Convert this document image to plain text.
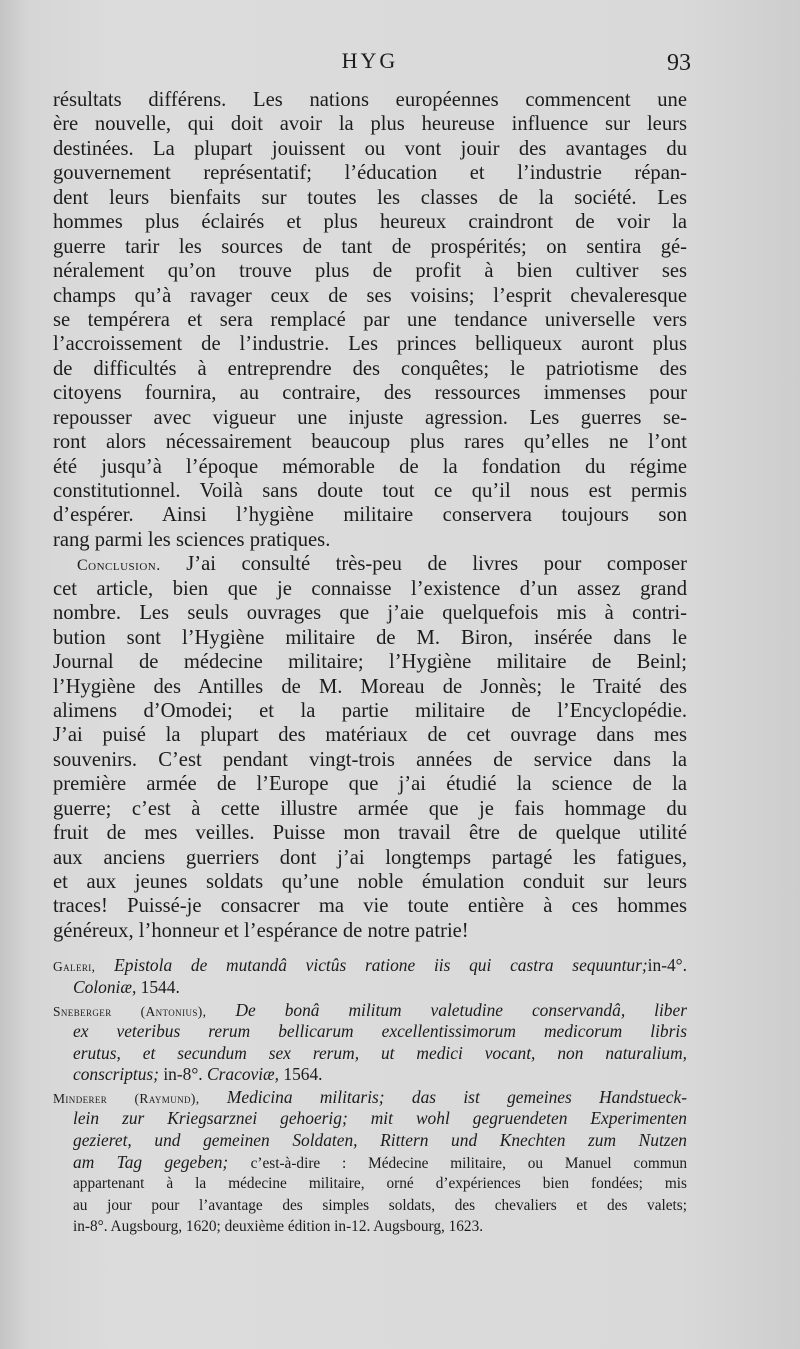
HYG	93
résultats différens. Les nations européennes commencent une
ère nouvelle, qui doit avoir la plus heureuse influence sur leurs
destinées. La plupart jouissent ou vont jouir des avantages du
gouvernement représentatif; l’éducation et l’industrie répan-
dent leurs bienfaits sur toutes les classes de la société. Les
hommes plus éclairés et plus heureux craindront de voir la
guerre tarir les sources de tant de prospérités; on sentira gé-
néralement qu’on trouve plus de profit à bien cultiver ses
champs qu’à ravager ceux de ses voisins; l’esprit chevaleresque
se tempérera et sera remplacé par une tendance universelle vers
l’accroissement de l’industrie. Les princes belliqueux auront plus
de difficultés à entreprendre des conquêtes; le patriotisme des
citoyens fournira, au contraire, des ressources immenses pour
repousser avec vigueur une injuste agression. Les guerres se-
ront alors nécessairement beaucoup plus rares qu’elles ne l’ont
été jusqu’à l’époque mémorable de la fondation du régime
constitutionnel. Voilà sans doute tout ce qu’il nous est permis
d’espérer. Ainsi l’hygiène militaire conservera toujours son
rang parmi les sciences pratiques.
Conclusion. J’ai consulté très-peu de livres pour composer
cet article, bien que je connaisse l’existence d’un assez grand
nombre. Les seuls ouvrages que j’aie quelquefois mis à contri-
bution sont l’Hygiène militaire de M. Biron, insérée dans le
Journal de médecine militaire; l’Hygiène militaire de Beinl;
l’Hygiène des Antilles de M. Moreau de Jonnès; le Traité des
alimens d’Omodei; et la partie militaire de l’Encyclopédie.
J’ai puisé la plupart des matériaux de cet ouvrage dans mes
souvenirs. C’est pendant vingt-trois années de service dans la
première armée de l’Europe que j’ai étudié la science de la
guerre; c’est à cette illustre armée que je fais hommage du
fruit de mes veilles. Puisse mon travail être de quelque utilité
aux anciens guerriers dont j’ai longtemps partagé les fatigues,
et aux jeunes soldats qu’une noble émulation conduit sur leurs
traces! Puissé-je consacrer ma vie toute entière à ces hommes
généreux, l’honneur et l’espérance de notre patrie!
Galeri, Epistola de mutandâ victûs ratione iis qui castra sequuntur;in-4°.
Coloniæ, 1544.
Sneberger (Antonius), De bonâ militum valetudine conservandâ, liber
ex veteribus rerum bellicarum excellentissimorum medicorum libris
erutus, et secundum sex rerum, ut medici vocant, non naturalium,
conscriptus; in-8°. Cracoviæ, 1564.
Minderer (Raymund), Medicina militaris; das ist gemeines Handstueck-
lein zur Kriegsarznei gehoerig; mit wohl gegruendeten Experimenten
gezieret, und gemeinen Soldaten, Rittern und Knechten zum Nutzen
am Tag gegeben; c’est-à-dire : Médecine militaire, ou Manuel commun
appartenant à la médecine militaire, orné d’expériences bien fondées; mis
au jour pour l’avantage des simples soldats, des chevaliers et des valets;
in-8°. Augsbourg, 1620; deuxième édition in-12. Augsbourg, 1623.
